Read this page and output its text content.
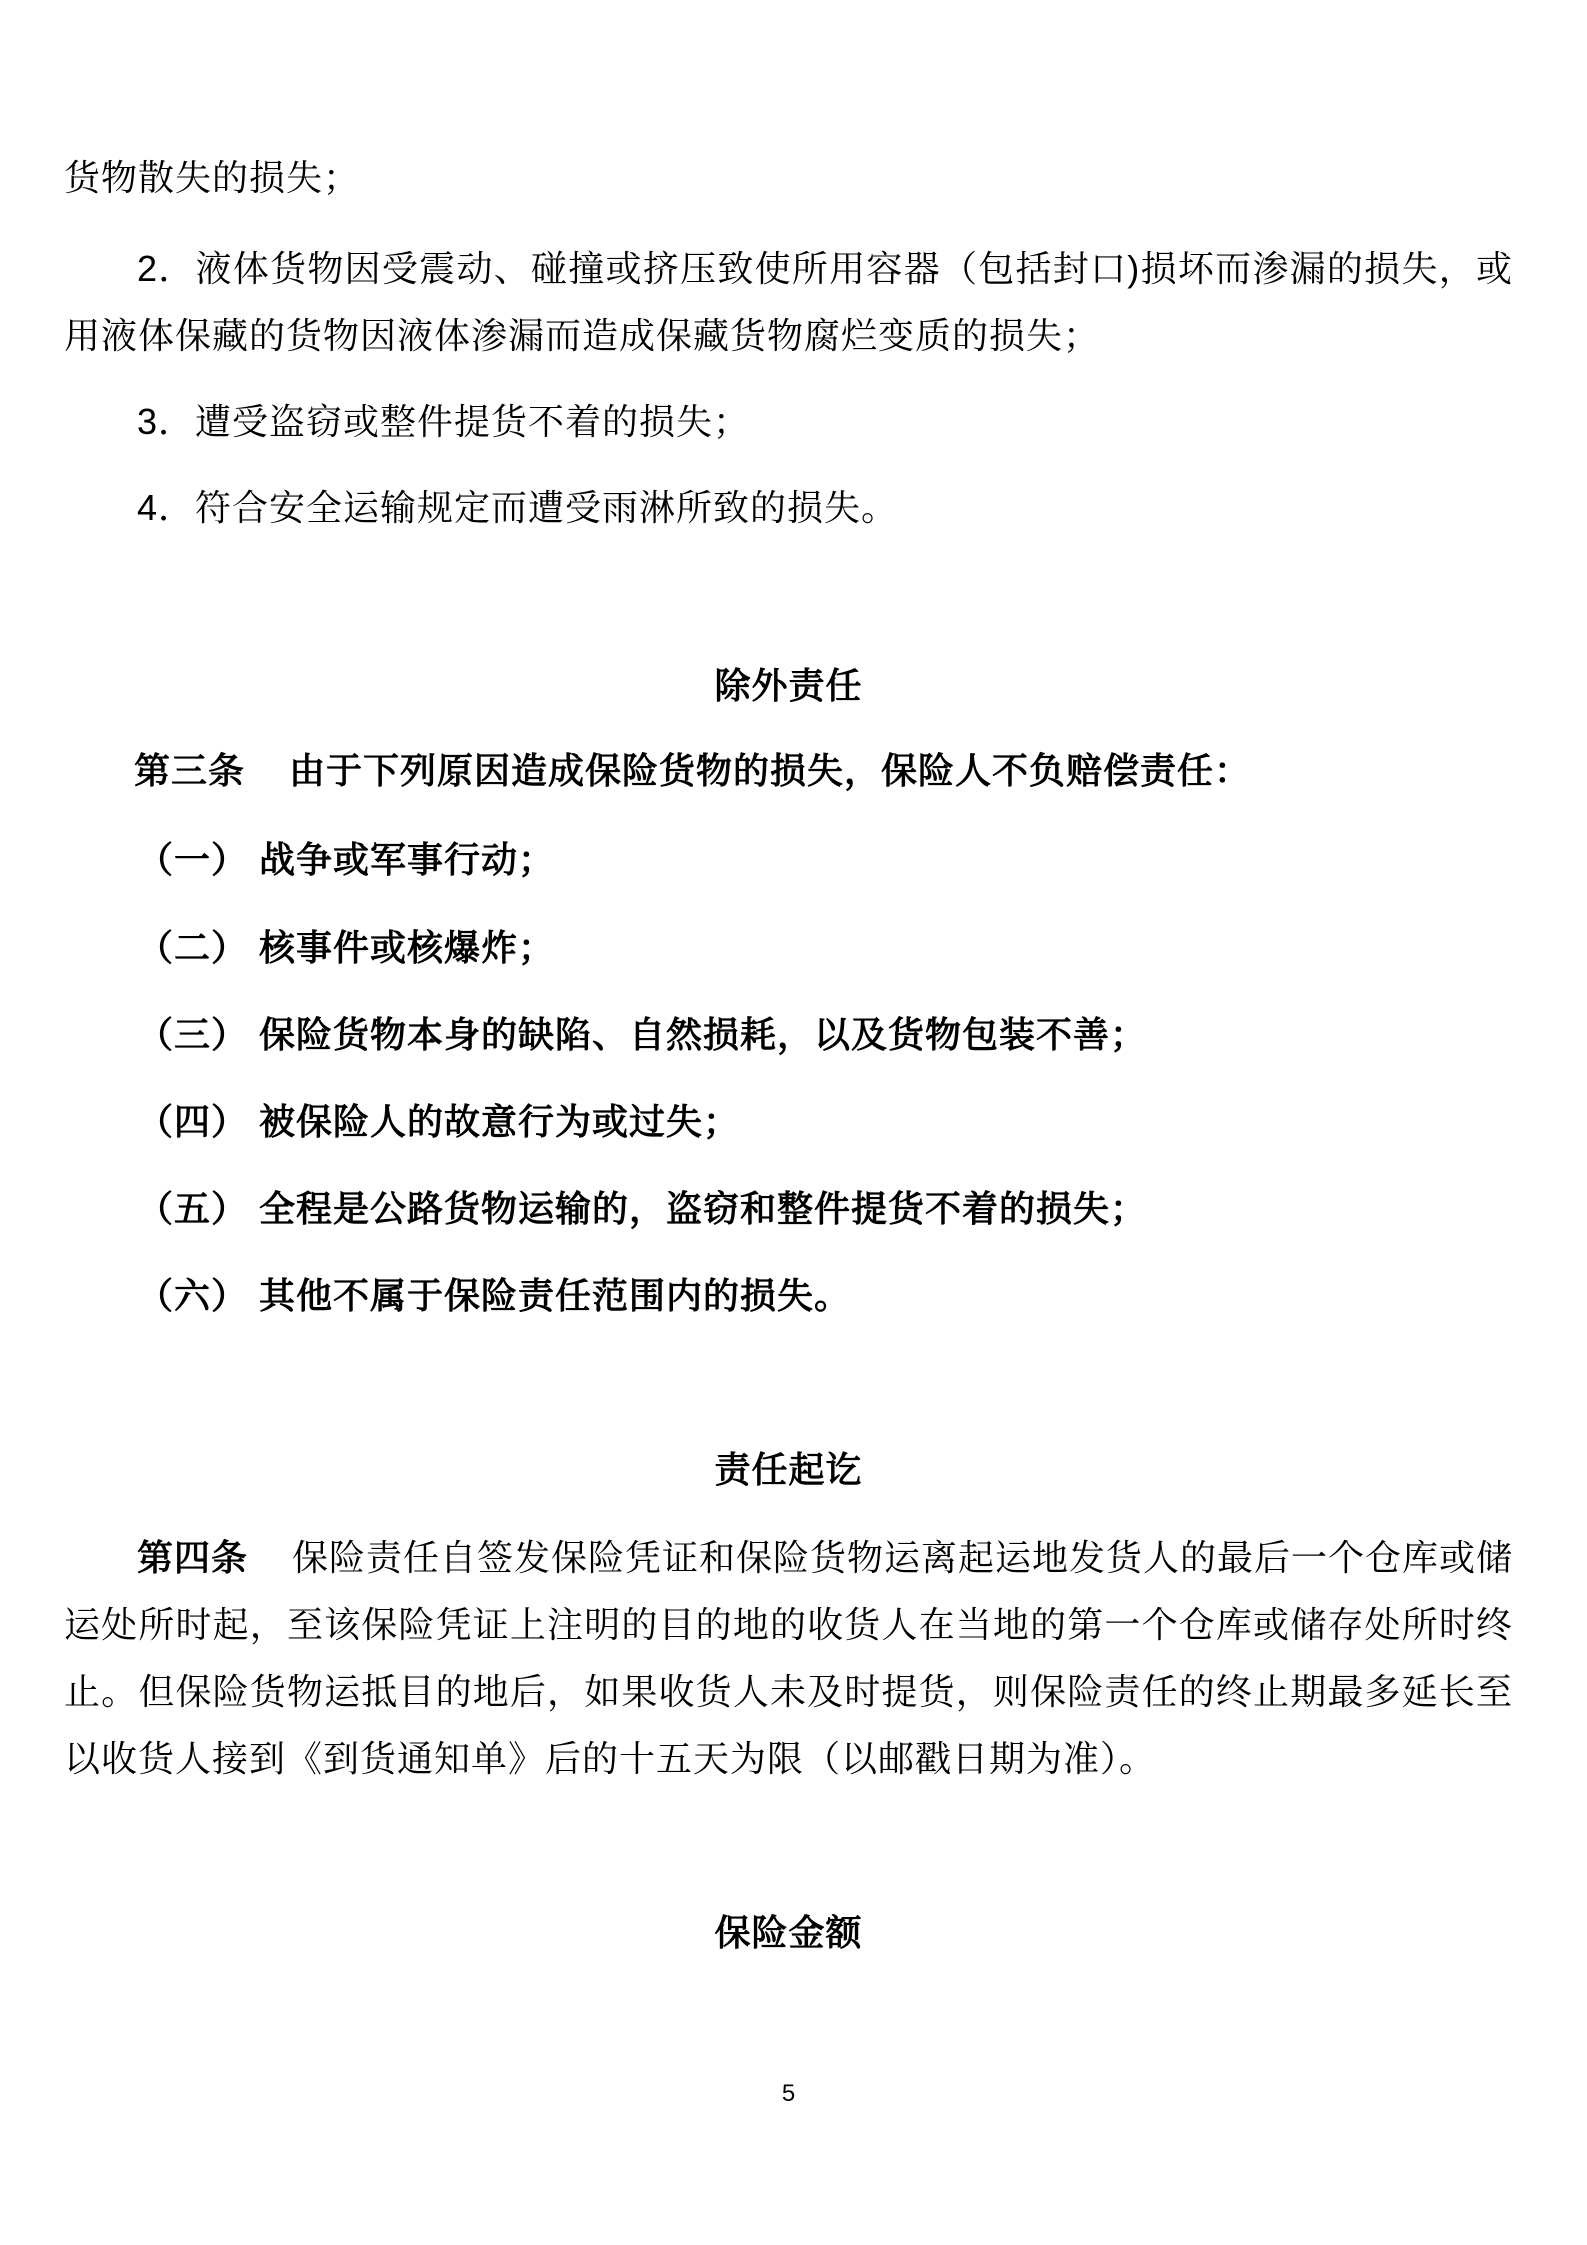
货物散失的损失；
2．液体货物因受震动、碰撞或挤压致使所用容器（包括封口)损坏而渗漏的损失，或
用液体保藏的货物因液体渗漏而造成保藏货物腐烂变质的损失；
3．遭受盗窃或整件提货不着的损失；
4．符合安全运输规定而遭受雨淋所致的损失。
除外责任
第三条 由于下列原因造成保险货物的损失，保险人不负赔偿责任：
（一） 战争或军事行动；
（二） 核事件或核爆炸；
（三） 保险货物本身的缺陷、自然损耗，以及货物包装不善；
（四） 被保险人的故意行为或过失；
（五） 全程是公路货物运输的，盗窃和整件提货不着的损失；
（六） 其他不属于保险责任范围内的损失。
责任起讫
第四条 保险责任自签发保险凭证和保险货物运离起运地发货人的最后一个仓库或储
运处所时起，至该保险凭证上注明的目的地的收货人在当地的第一个仓库或储存处所时终
止。但保险货物运抵目的地后，如果收货人未及时提货，则保险责任的终止期最多延长至
以收货人接到《到货通知单》后的十五天为限（以邮戳日期为准）。
保险金额
5
